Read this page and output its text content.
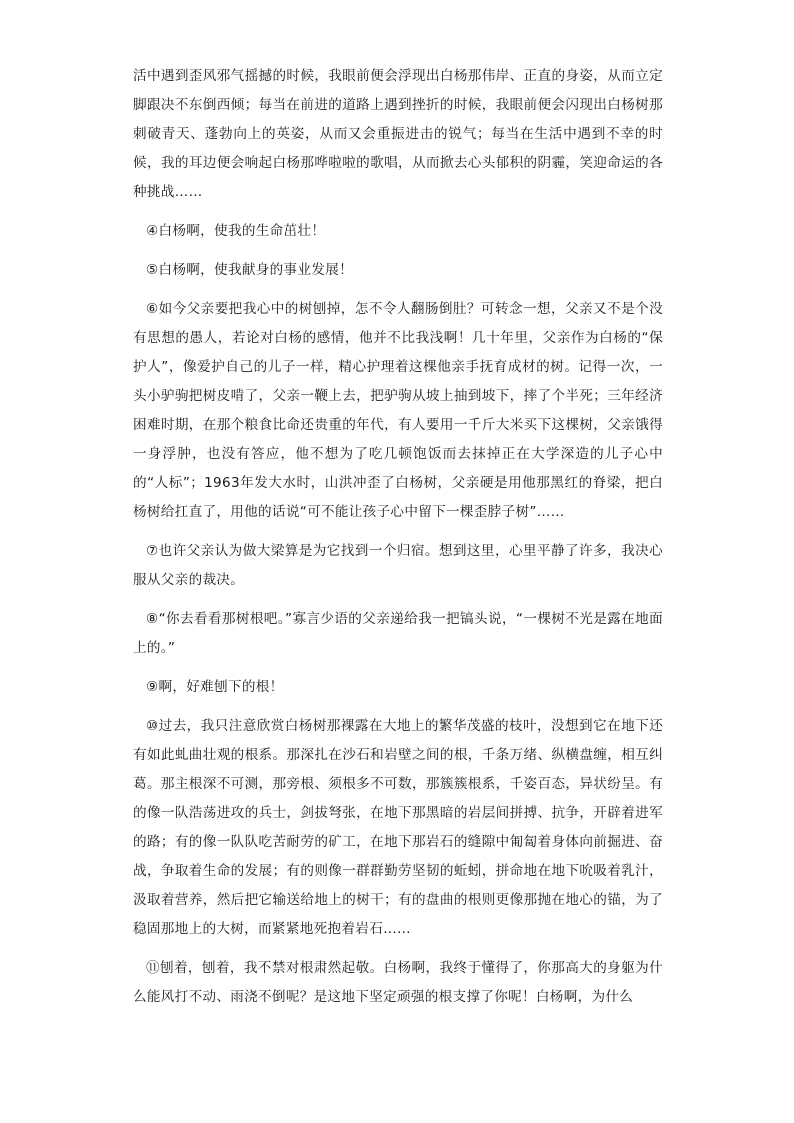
活中遇到歪风邪气摇撼的时候，我眼前便会浮现出白杨那伟岸、正直的身姿，从而立定脚跟决不东倒西倾；每当在前进的道路上遇到挫折的时候，我眼前便会闪现出白杨树那刺破青天、蓬勃向上的英姿，从而又会重振进击的锐气；每当在生活中遇到不幸的时候，我的耳边便会响起白杨那哗啦啦的歌唱，从而掀去心头郁积的阴霾，笑迎命运的各种挑战……

④白杨啊，使我的生命茁壮！

⑤白杨啊，使我献身的事业发展！

⑥如今父亲要把我心中的树刨掉，怎不令人翻肠倒肚？可转念一想，父亲又不是个没有思想的愚人，若论对白杨的感情，他并不比我浅啊！几十年里，父亲作为白杨的“保护人”，像爱护自己的儿子一样，精心护理着这棵他亲手抚育成材的树。记得一次，一头小驴驹把树皮啃了，父亲一鞭上去，把驴驹从坡上抽到坡下，摔了个半死；三年经济困难时期，在那个粮食比命还贵重的年代，有人要用一千斤大米买下这棵树，父亲饿得一身浮肿，也没有答应，他不想为了吃几顿饱饭而去抹掉正在大学深造的儿子心中的“人标”；1963年发大水时，山洪冲歪了白杨树，父亲硬是用他那黑红的脊梁，把白杨树给扛直了，用他的话说“可不能让孩子心中留下一棵歪脖子树”……

⑦也许父亲认为做大梁算是为它找到一个归宿。想到这里，心里平静了许多，我决心服从父亲的裁决。

⑧“你去看看那树根吧。”寡言少语的父亲递给我一把镐头说，“一棵树不光是露在地面上的。”

⑨啊，好难刨下的根！

⑩过去，我只注意欣赏白杨树那裸露在大地上的繁华茂盛的枝叶，没想到它在地下还有如此虬曲壮观的根系。那深扎在沙石和岩壁之间的根，千条万绪、纵横盘缠，相互纠葛。那主根深不可测，那旁根、须根多不可数，那簇簇根系，千姿百态，异状纷呈。有的像一队浩荡进攻的兵士，剑拔弩张，在地下那黑暗的岩层间拼搏、抗争，开辟着进军的路；有的像一队队吃苦耐劳的矿工，在地下那岩石的缝隙中匍匐着身体向前掘进、奋战，争取着生命的发展；有的则像一群群勤劳坚韧的蚯蚓，拼命地在地下吮吸着乳汁，汲取着营养，然后把它输送给地上的树干；有的盘曲的根则更像那抛在地心的锚，为了稳固那地上的大树，而紧紧地死抱着岩石……

⑪刨着，刨着，我不禁对根肃然起敬。白杨啊，我终于懂得了，你那高大的身躯为什么能风打不动、雨浇不倒呢？是这地下坚定顽强的根支撑了你呢！白杨啊，为什么
